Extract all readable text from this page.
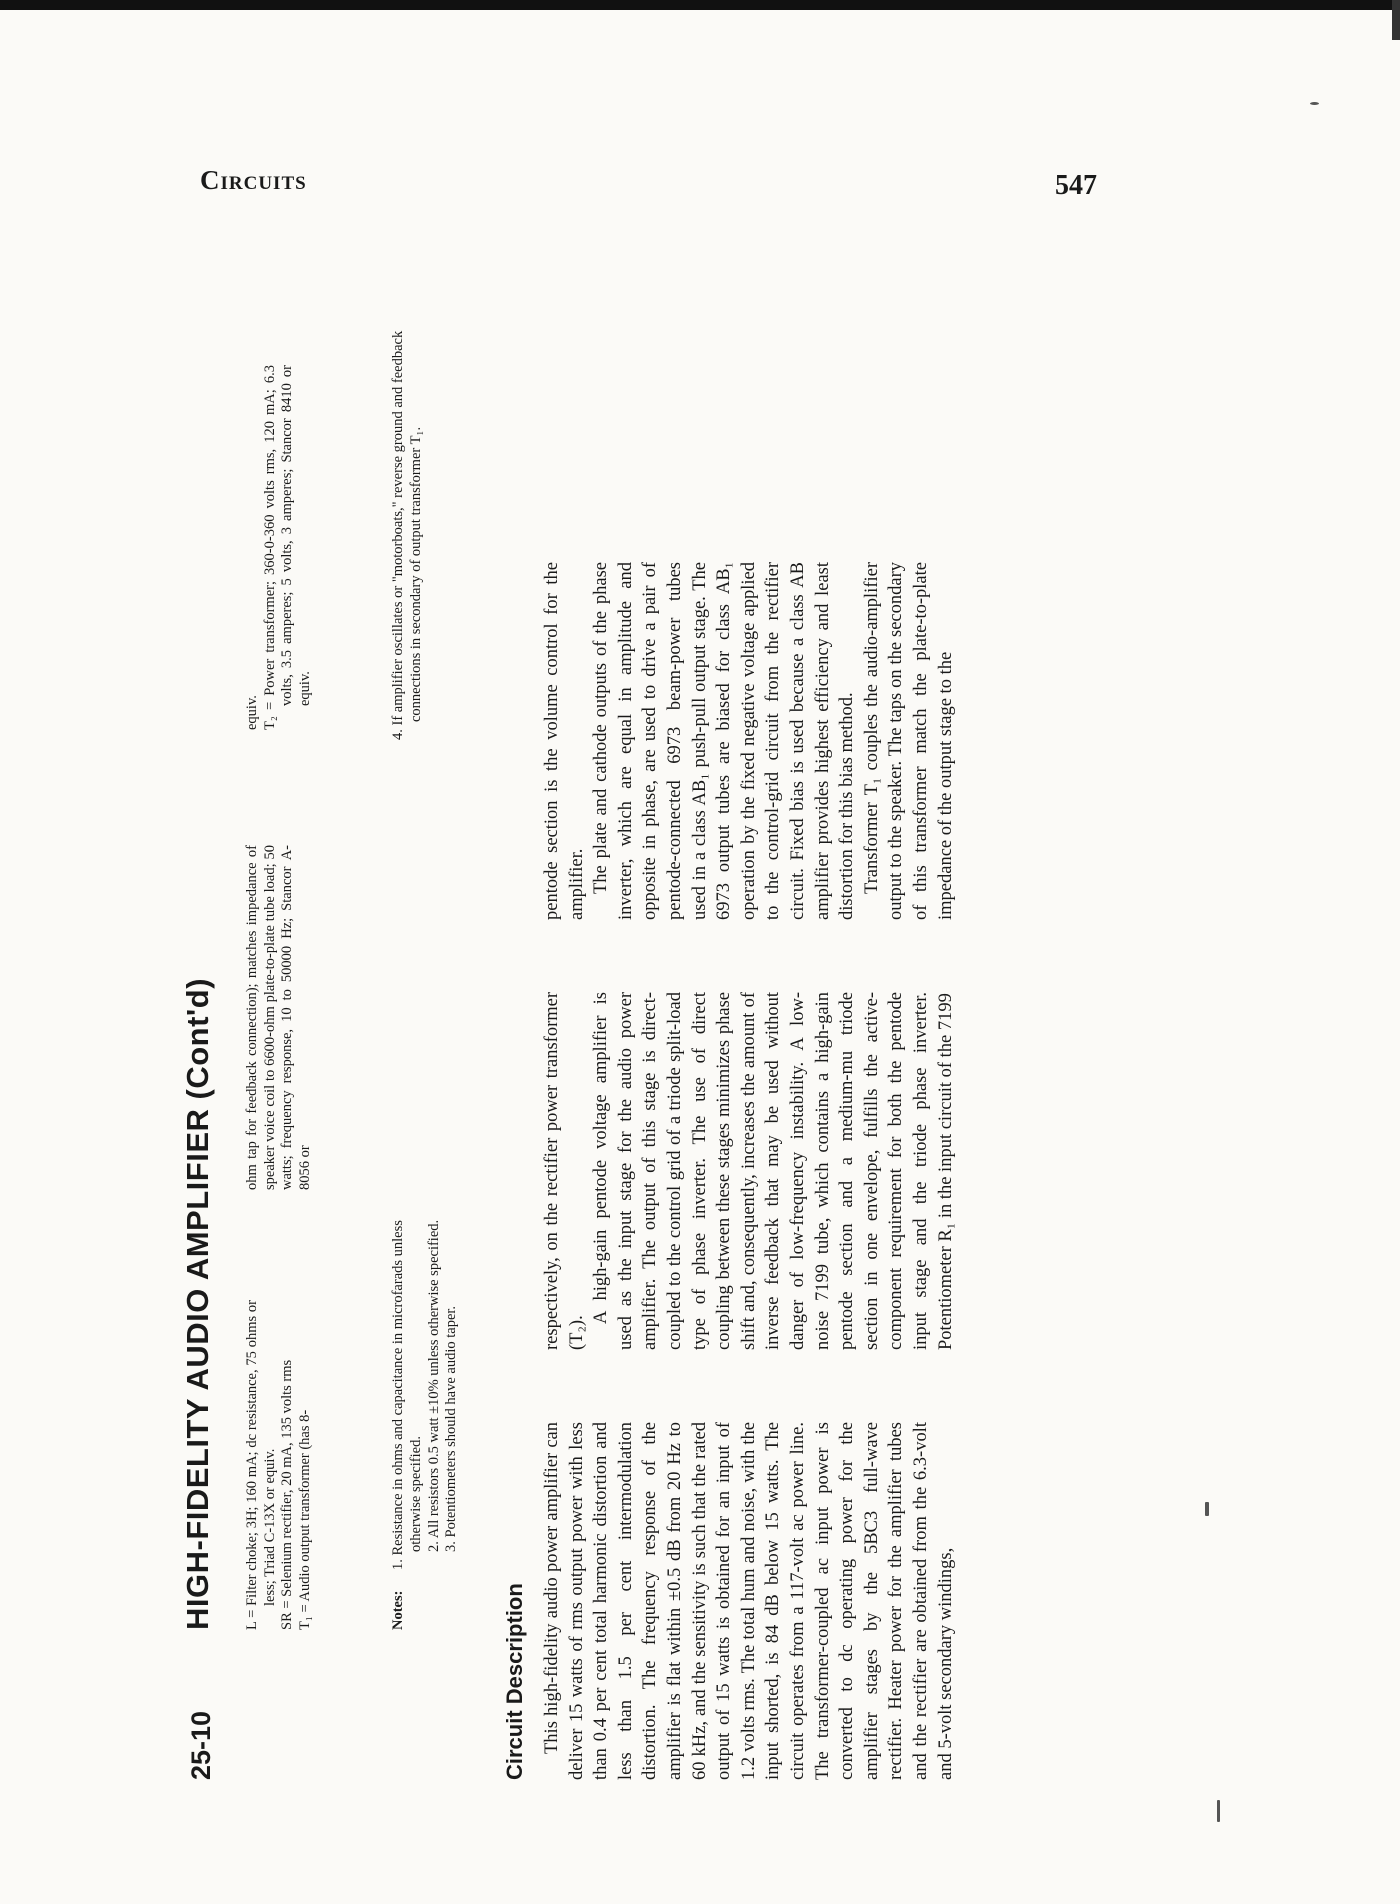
Circuits	547
25-10
HIGH-FIDELITY AUDIO AMPLIFIER (Cont'd) L = Filter choke; 3H; 160 mA; dc resistance, 75 ohms or less; Triad C-13X or equiv. SR = Selenium rectifier, 20 mA, 135 volts rms T₁ = Audio output transformer (has 8-

ohm tap for feedback connection); matches impedance of speaker voice coil to 6600-ohm plate-to-plate tube load; 50 watts; frequency response, 10 to 50000 Hz; Stancor A-8056 or

equiv. T₂ = Power transformer; 360-0-360 volts rms, 120 mA; 6.3 volts, 3.5 amperes; 5 volts, 3 amperes; Stancor 8410 or equiv.

Notes:
1. Resistance in ohms and capacitance in microfarads unless otherwise specified. 2. All resistors 0.5 watt ±10% unless otherwise specified. 3. Potentiometers should have audio taper.
4. If amplifier oscillates or "motorboats," reverse ground and feedback connections in secondary of output transformer T₁.
Circuit Description This high-fidelity audio power amplifier can deliver 15 watts of rms output power with less than 0.4 per cent total harmonic distortion and less than 1.5 per cent intermodulation distortion. The frequency response of the amplifier is flat within ±0.5 dB from 20 Hz to 60 kHz, and the sensitivity is such that the rated output of 15 watts is obtained for an input of 1.2 volts rms. The total hum and noise, with the input shorted, is 84 dB below 15 watts. The circuit operates from a 117-volt ac power line. The transformer-coupled ac input power is converted to dc operating power for the amplifier stages by the 5BC3 full-wave rectifier. Heater power for the amplifier tubes and the rectifier are obtained from the 6.3-volt and 5-volt secondary windings,

respectively, on the rectifier power transformer (T₂).

A high-gain pentode voltage amplifier is used as the input stage for the audio power amplifier. The output of this stage is direct-coupled to the control grid of a triode split-load type of phase inverter. The use of direct coupling between these stages minimizes phase shift and, consequently, increases the amount of inverse feedback that may be used without danger of low-frequency instability. A low-noise 7199 tube, which contains a high-gain pentode section and a medium-mu triode section in one envelope, fulfills the active-component requirement for both the pentode input stage and the triode phase inverter. Potentiometer R₁ in the input circuit of the 7199

pentode section is the volume control for the amplifier. The plate and cathode outputs of the phase inverter, which are equal in amplitude and opposite in phase, are used to drive a pair of pentode-connected 6973 beam-power tubes used in a class AB₁ push-pull output stage. The 6973 output tubes are biased for class AB₁ operation by the fixed negative voltage applied to the control-grid circuit from the rectifier circuit. Fixed bias is used because a class AB amplifier provides highest efficiency and least distortion for this bias method. Transformer T₁ couples the audio-amplifier output to the speaker. The taps on the secondary of this transformer match the plate-to-plate impedance of the output stage to the
